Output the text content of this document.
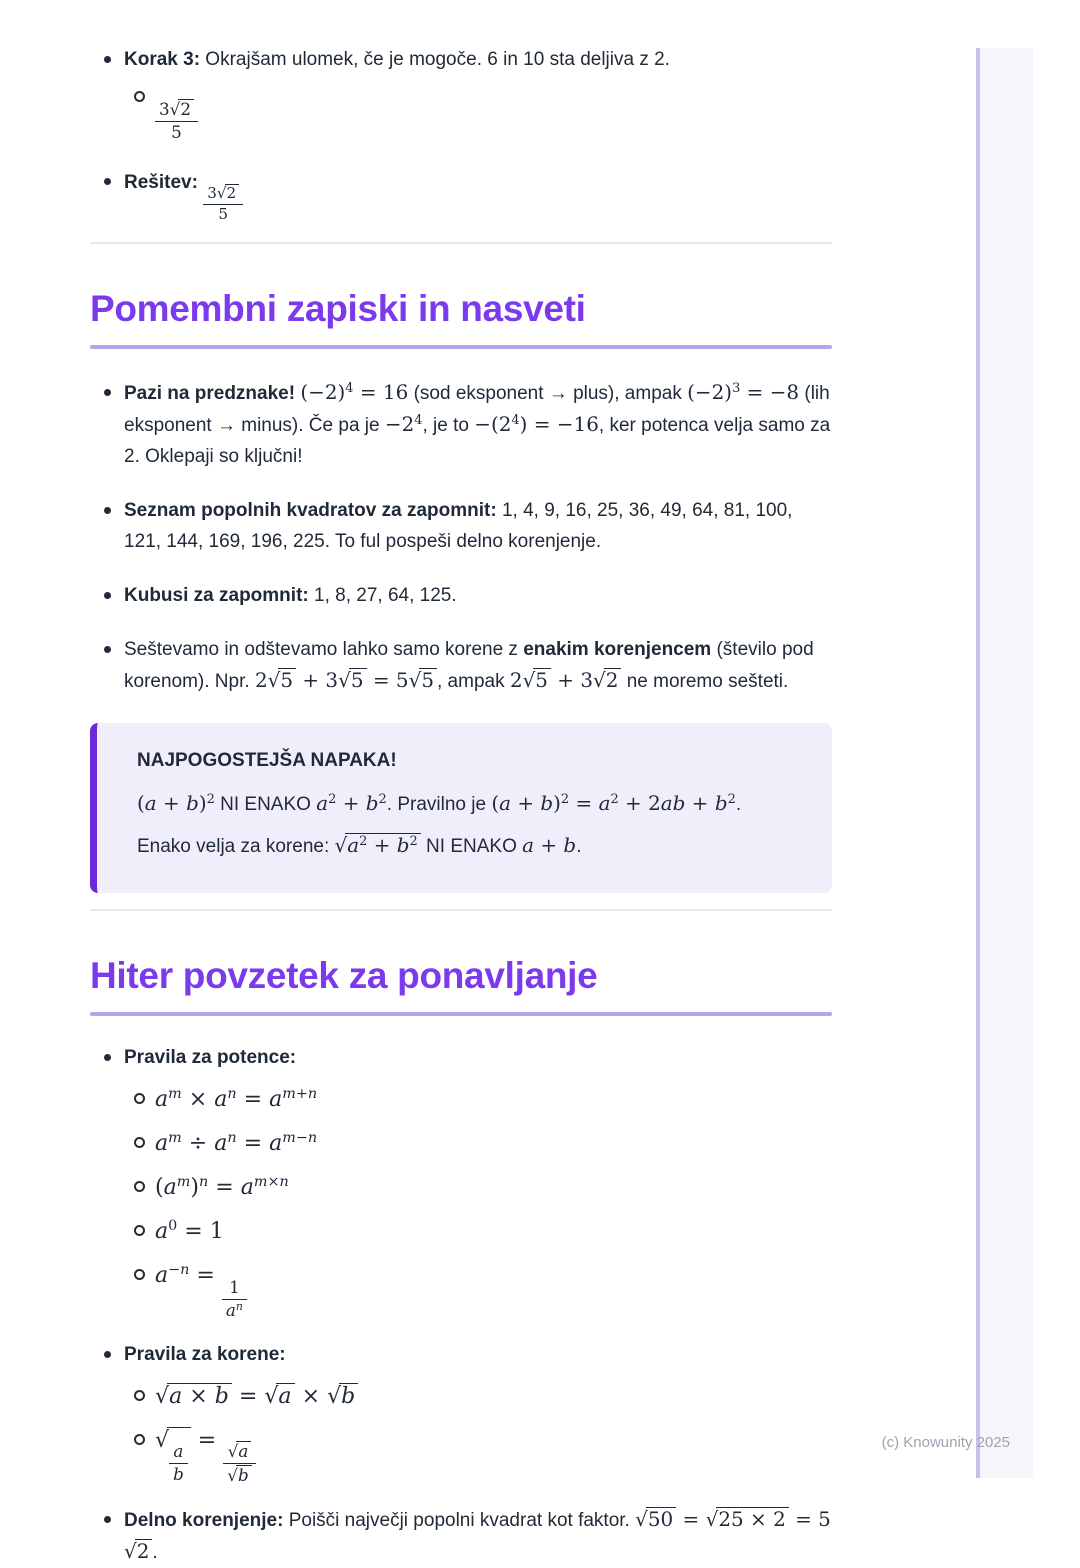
Korak 3: Okrajšam ulomek, če je mogoče. 6 in 10 sta deljiva z 2.

$\frac{3√2}{5}$

Rešitev:
$\frac{3√2}{5}$

Pomembni zapiski in nasveti

Pazi na predznake! $(-2)^4 = 16$ (sod eksponent → plus), ampak $(-2)^3 = -8$ (lih eksponent → minus). Če pa je $-2^4$, je to $-(2^4) = -16$, ker potenca velja samo za 2. Oklepaji so ključni!

Seznam popolnih kvadratov za zapomnit: 1, 4, 9, 16, 25, 36, 49, 64, 81, 100, 121, 144, 169, 196, 225. To ful pospeši delno korenjenje.

Kubusi za zapomnit: 1, 8, 27, 64, 125.

Seštevamo in odštevamo lahko samo korene z enakim korenjencem (število pod korenom). Npr. 2√5 + 3√5 = 5√5 , ampak 2√5 + 3√2 ne moremo sešteti.

NAJPOGOSTEJŠA NAPAKA!

$(a + b)^2$ NI ENAKO $a^2 + b^2$. Pravilno je $(a + b)^2 = a^2 + 2ab + b^2$.

Enako velja za korene: $√a^2 + b^2$ NI ENAKO a + b.

Hiter povzetek za ponavljanje

Pravila za potence:

$a^m \times a^n = a^{m+n}$

$a^m \div a^n = a^{m-n}$

$(a^m)^n = a^{m\times n}$

$a^0 = 1$

$a^{-n}$ =
$\frac{1}{a^n}$

Pravila za korene:

√a × b = √a × √b

√
$\frac{a}{b}$
=
$\frac{√a}{√b}$

Delno korenjenje: Poišči največji popolni kvadrat kot faktor. √50 = √25 × 2 = 5√2 .

(c) Knowunity 2025
